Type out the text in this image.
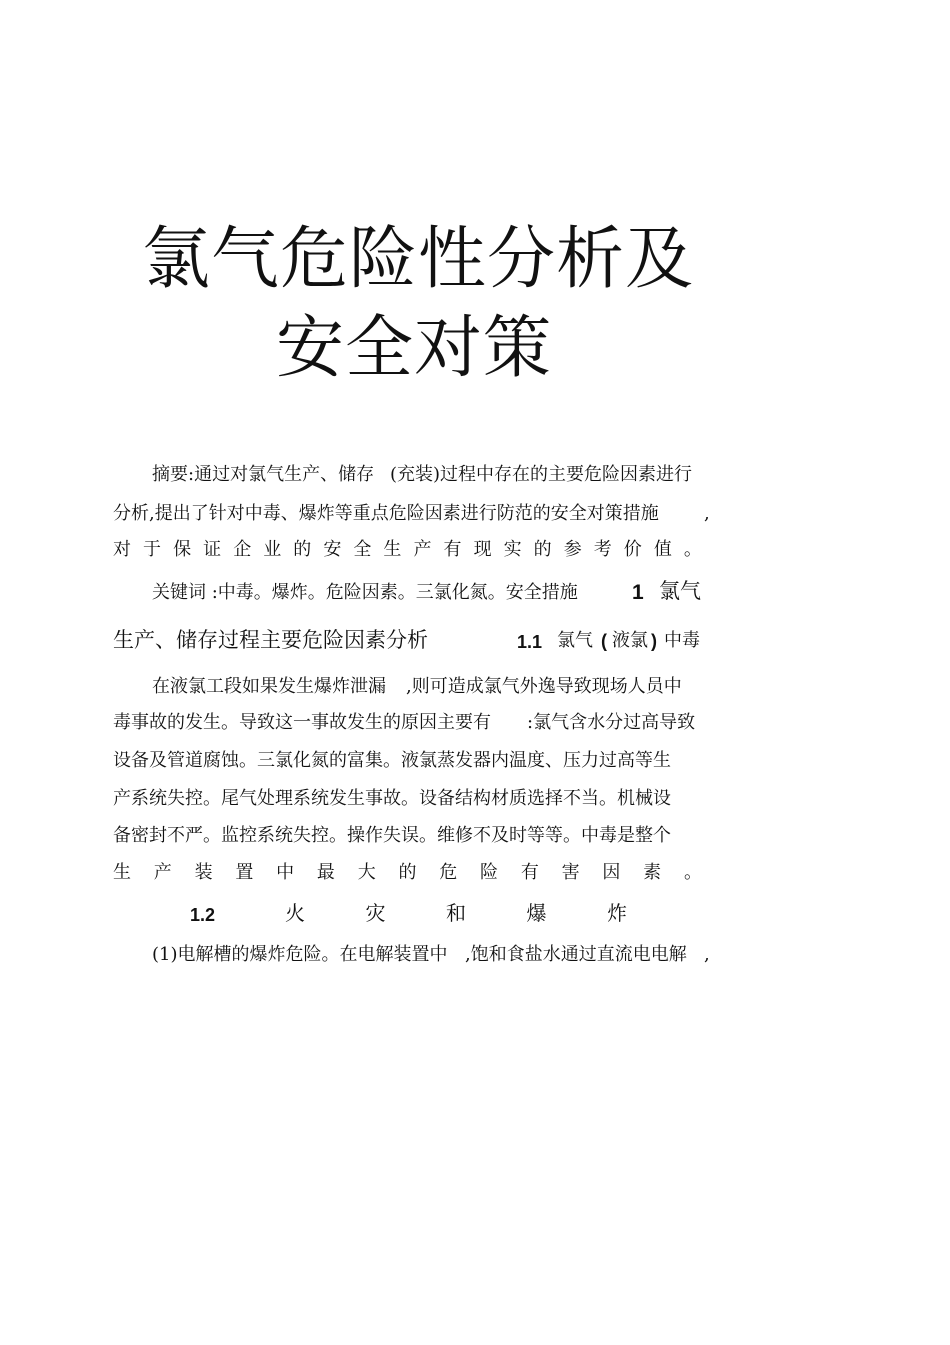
氯气危险性分析及
安全对策
摘要:通过对氯气生产、储存 (充装)过程中存在的主要危险因素进行
分析,提出了针对中毒、爆炸等重点危险因素进行防范的安全对策措施	,
对 于 保 证 企 业 的 安 全 生 产 有 现 实 的 参 考 价 值 。
关键词 :中毒。爆炸。危险因素。三氯化氮。安全措施	1 氯气
生产、储存过程主要危险因素分析	1.1 氯气 ( 液氯 ) 中毒
在液氯工段如果发生爆炸泄漏 ,则可造成氯气外逸导致现场人员中
毒事故的发生。导致这一事故发生的原因主要有 :氯气含水分过高导致
设备及管道腐蚀。三氯化氮的富集。液氯蒸发器内温度、压力过高等生
产系统失控。尾气处理系统发生事故。设备结构材质选择不当。机械设
备密封不严。监控系统失控。操作失误。维修不及时等等。中毒是整个
生 产 装 置 中 最 大 的 危 险 有 害 因 素 。
1.2	火	灾	和	爆	炸
(1)电解槽的爆炸危险。在电解装置中 ,饱和食盐水通过直流电电解 ,
